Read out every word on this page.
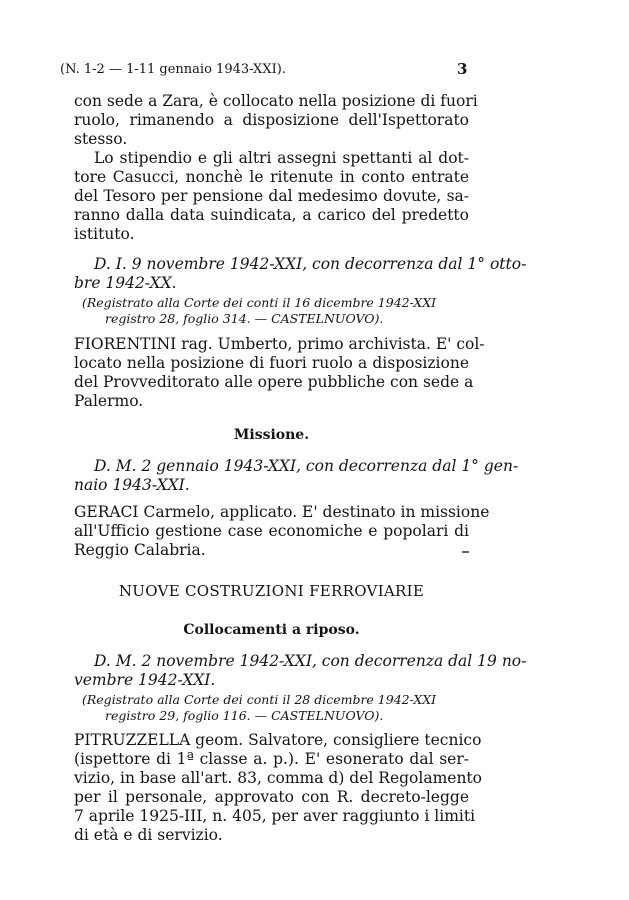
(N. 1-2 — 1-11 gennaio 1943-XXI).	3
con sede a Zara, è collocato nella posizione di fuori
ruolo, rimanendo a disposizione dell'Ispettorato
stesso.
Lo stipendio e gli altri assegni spettanti al dot-
tore Casucci, nonchè le ritenute in conto entrate
del Tesoro per pensione dal medesimo dovute, sa-
ranno dalla data suindicata, a carico del predetto
istituto.
D. I. 9 novembre 1942-XXI, con decorrenza dal 1° otto-
bre 1942-XX.
(Registrato alla Corte dei conti il 16 dicembre 1942-XXI
registro 28, foglio 314. — CASTELNUOVO).
FIORENTINI rag. Umberto, primo archivista. E' col-
locato nella posizione di fuori ruolo a disposizione
del Provveditorato alle opere pubbliche con sede a
Palermo.
Missione.
D. M. 2 gennaio 1943-XXI, con decorrenza dal 1° gen-
naio 1943-XXI.
GERACI Carmelo, applicato. E' destinato in missione
all'Ufficio gestione case economiche e popolari di
Reggio Calabria.
NUOVE COSTRUZIONI FERROVIARIE
Collocamenti a riposo.
D. M. 2 novembre 1942-XXI, con decorrenza dal 19 no-
vembre 1942-XXI.
(Registrato alla Corte dei conti il 28 dicembre 1942-XXI
registro 29, foglio 116. — CASTELNUOVO).
PITRUZZELLA geom. Salvatore, consigliere tecnico
(ispettore di 1ª classe a. p.). E' esonerato dal ser-
vizio, in base all'art. 83, comma d) del Regolamento
per il personale, approvato con R. decreto-legge
7 aprile 1925-III, n. 405, per aver raggiunto i limiti
di età e di servizio.
